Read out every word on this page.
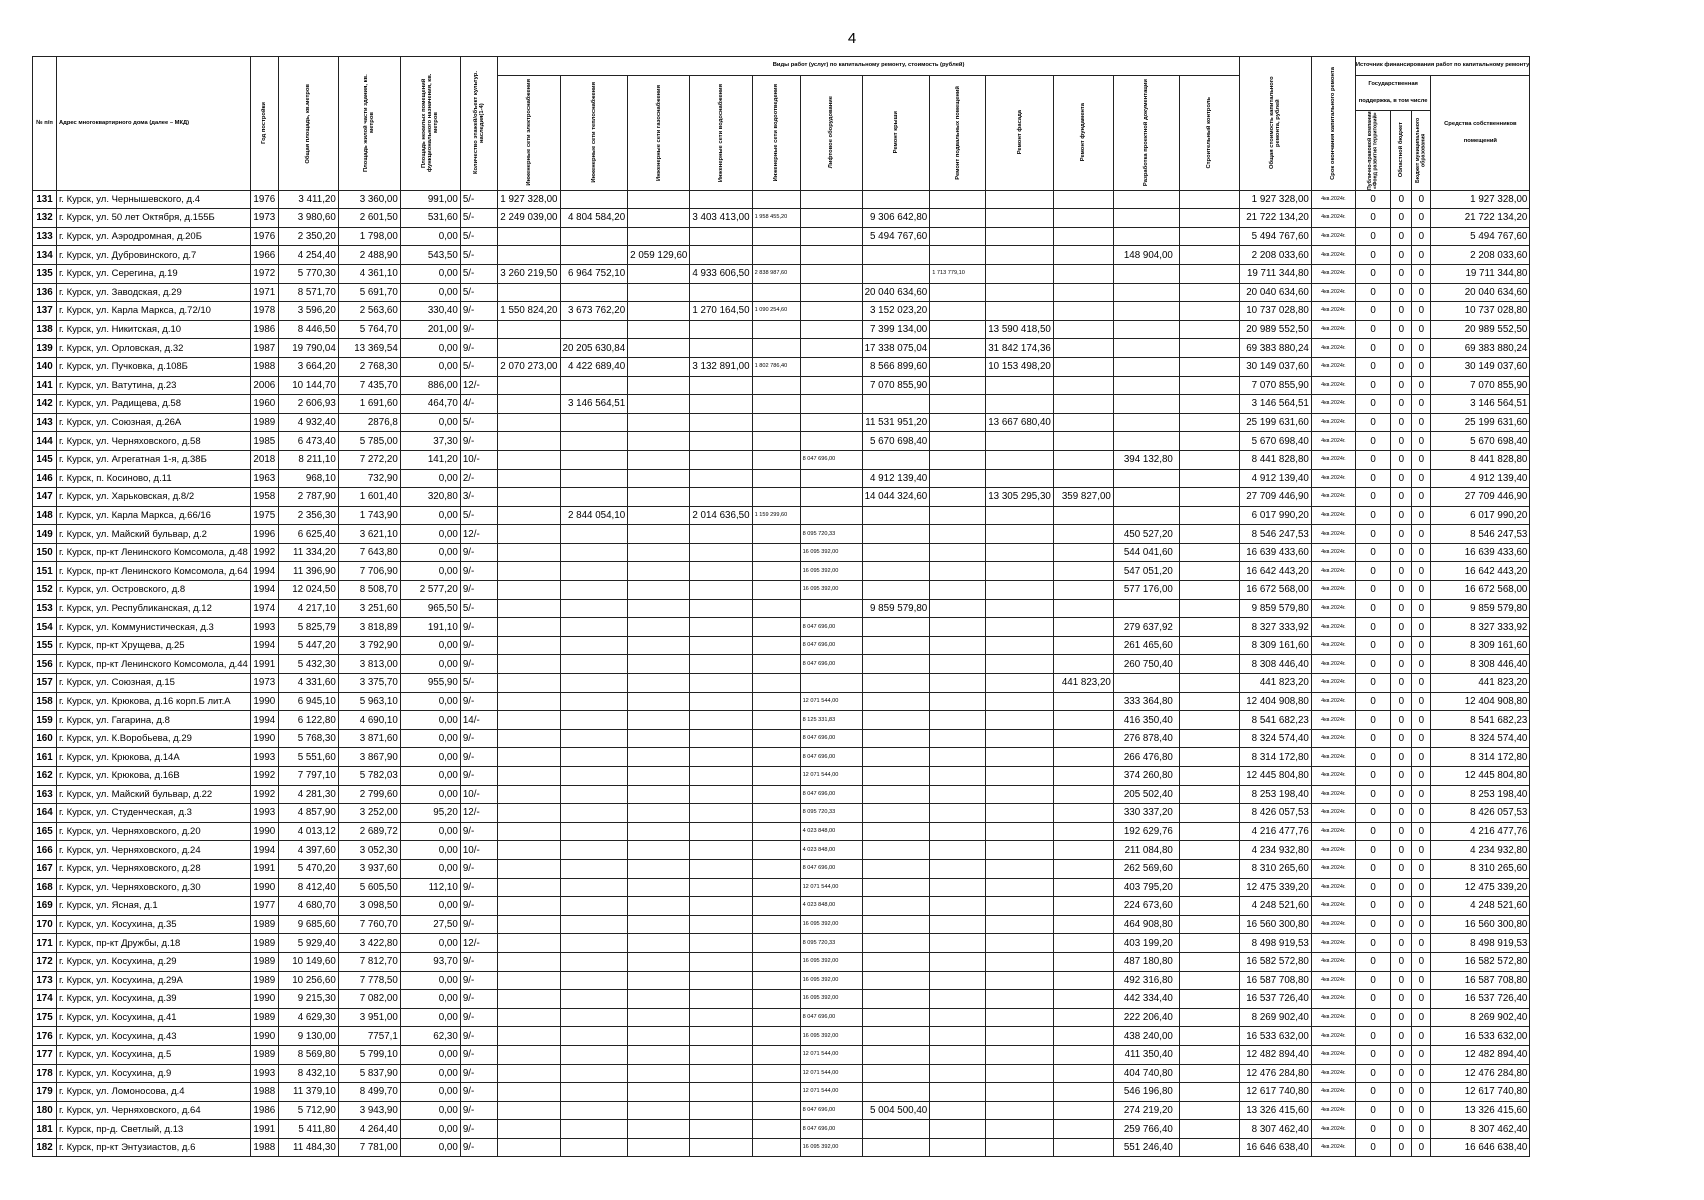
4
№ п/п	Адрес многоквартирного дома (далее – МКД)	Год постройки	Общая площадь, кв.метров	Площадь жилой части здания, кв. метров	Площадь нежилых помещений функционального назначения, кв. метров	Количество этажей/объект культур. наследия(1-4)	Виды работ (услуг) по капитальному ремонту, стоимость (рублей)												Общая стоимость капитального ремонта, рублей	Срок окончания капитального ремонта	Источник финансирования работ по капитальному ремонту			

							Инженерные сети электроснабжения	Инженерные сети теплоснабжения	Инженерные сети газоснабжения	Инженерные сети водоснабжения	Инженерные сети водоотведения	Лифтовое оборудование	Ремонт крыши	Ремонт подвальных помещений	Ремонт фасада	Ремонт фундамента	Разработка проектной документации	Строительный контроль			Государственная поддержка, в том числе			Средства собственников помещений

																					Публично-правовой компании «Фонд развития территорий»	Областной бюджет	Бюджет муниципального образования	

131	г. Курск, ул. Чернышевского, д.4	1976	3 411,20	3 360,00	991,00	5/-	1 927 328,00												1 927 328,00	4кв.2024г.	0	0	0	1 927 328,00
132	г. Курск, ул. 50 лет Октября, д.155Б	1973	3 980,60	2 601,50	531,60	5/-	2 249 039,00	4 804 584,20		3 403 413,00	1 958 455,20		9 306 642,80						21 722 134,20	4кв.2024г.	0	0	0	21 722 134,20
133	г. Курск, ул. Аэродромная, д.20Б	1976	2 350,20	1 798,00	0,00	5/-							5 494 767,60						5 494 767,60	4кв.2024г.	0	0	0	5 494 767,60
134	г. Курск, ул. Дубровинского, д.7	1966	4 254,40	2 488,90	543,50	5/-			2 059 129,60								148 904,00		2 208 033,60	4кв.2024г.	0	0	0	2 208 033,60
135	г. Курск, ул. Серегина, д.19	1972	5 770,30	4 361,10	0,00	5/-	3 260 219,50	6 964 752,10		4 933 606,50	2 838 987,60			1 713 779,10					19 711 344,80	4кв.2024г.	0	0	0	19 711 344,80
136	г. Курск, ул. Заводская, д.29	1971	8 571,70	5 691,70	0,00	5/-							20 040 634,60						20 040 634,60	4кв.2024г.	0	0	0	20 040 634,60
137	г. Курск, ул. Карла Маркса, д.72/10	1978	3 596,20	2 563,60	330,40	9/-	1 550 824,20	3 673 762,20		1 270 164,50	1 090 254,60		3 152 023,20						10 737 028,80	4кв.2024г.	0	0	0	10 737 028,80
138	г. Курск, ул. Никитская, д.10	1986	8 446,50	5 764,70	201,00	9/-							7 399 134,00		13 590 418,50				20 989 552,50	4кв.2024г.	0	0	0	20 989 552,50
139	г. Курск, ул. Орловская, д.32	1987	19 790,04	13 369,54	0,00	9/-		20 205 630,84					17 338 075,04		31 842 174,36				69 383 880,24	4кв.2024г.	0	0	0	69 383 880,24
140	г. Курск, ул. Пучковка, д.108Б	1988	3 664,20	2 768,30	0,00	5/-	2 070 273,00	4 422 689,40		3 132 891,00	1 802 786,40		8 566 899,60		10 153 498,20				30 149 037,60	4кв.2024г.	0	0	0	30 149 037,60
141	г. Курск, ул. Ватутина, д.23	2006	10 144,70	7 435,70	886,00	12/-							7 070 855,90						7 070 855,90	4кв.2024г.	0	0	0	7 070 855,90
142	г. Курск, ул. Радищева, д.58	1960	2 606,93	1 691,60	464,70	4/-		3 146 564,51											3 146 564,51	4кв.2024г.	0	0	0	3 146 564,51
143	г. Курск, ул. Союзная, д.26А	1989	4 932,40	2876,8	0,00	5/-							11 531 951,20		13 667 680,40				25 199 631,60	4кв.2024г.	0	0	0	25 199 631,60
144	г. Курск, ул. Черняховского, д.58	1985	6 473,40	5 785,00	37,30	9/-							5 670 698,40						5 670 698,40	4кв.2024г.	0	0	0	5 670 698,40
145	г. Курск, ул. Агрегатная 1-я, д.38Б	2018	8 211,10	7 272,20	141,20	10/-						8 047 696,00					394 132,80		8 441 828,80	4кв.2024г.	0	0	0	8 441 828,80
146	г. Курск, п. Косиново, д.11	1963	968,10	732,90	0,00	2/-							4 912 139,40						4 912 139,40	4кв.2024г.	0	0	0	4 912 139,40
147	г. Курск, ул. Харьковская, д.8/2	1958	2 787,90	1 601,40	320,80	3/-							14 044 324,60		13 305 295,30	359 827,00			27 709 446,90	4кв.2024г.	0	0	0	27 709 446,90
148	г. Курск, ул. Карла Маркса, д.66/16	1975	2 356,30	1 743,90	0,00	5/-		2 844 054,10		2 014 636,50	1 159 299,60								6 017 990,20	4кв.2024г.	0	0	0	6 017 990,20
149	г. Курск, ул. Майский бульвар, д.2	1996	6 625,40	3 621,10	0,00	12/-						8 095 720,33					450 527,20		8 546 247,53	4кв.2024г.	0	0	0	8 546 247,53
150	г. Курск, пр-кт Ленинского Комсомола, д.48	1992	11 334,20	7 643,80	0,00	9/-						16 095 392,00					544 041,60		16 639 433,60	4кв.2024г.	0	0	0	16 639 433,60
151	г. Курск, пр-кт Ленинского Комсомола, д.64	1994	11 396,90	7 706,90	0,00	9/-						16 095 392,00					547 051,20		16 642 443,20	4кв.2024г.	0	0	0	16 642 443,20
152	г. Курск, ул. Островского, д.8	1994	12 024,50	8 508,70	2 577,20	9/-						16 095 392,00					577 176,00		16 672 568,00	4кв.2024г.	0	0	0	16 672 568,00
153	г. Курск, ул. Республиканская, д.12	1974	4 217,10	3 251,60	965,50	5/-							9 859 579,80						9 859 579,80	4кв.2024г.	0	0	0	9 859 579,80
154	г. Курск, ул. Коммунистическая, д.3	1993	5 825,79	3 818,89	191,10	9/-						8 047 696,00					279 637,92		8 327 333,92	4кв.2024г.	0	0	0	8 327 333,92
155	г. Курск, пр-кт Хрущева, д.25	1994	5 447,20	3 792,90	0,00	9/-						8 047 696,00					261 465,60		8 309 161,60	4кв.2024г.	0	0	0	8 309 161,60
156	г. Курск, пр-кт Ленинского Комсомола, д.44	1991	5 432,30	3 813,00	0,00	9/-						8 047 696,00					260 750,40		8 308 446,40	4кв.2024г.	0	0	0	8 308 446,40
157	г. Курск, ул. Союзная, д.15	1973	4 331,60	3 375,70	955,90	5/-										441 823,20			441 823,20	4кв.2024г.	0	0	0	441 823,20
158	г. Курск, ул. Крюкова, д.16 корп.Б лит.А	1990	6 945,10	5 963,10	0,00	9/-						12 071 544,00					333 364,80		12 404 908,80	4кв.2024г.	0	0	0	12 404 908,80
159	г. Курск, ул. Гагарина, д.8	1994	6 122,80	4 690,10	0,00	14/-						8 125 331,83					416 350,40		8 541 682,23	4кв.2024г.	0	0	0	8 541 682,23
160	г. Курск, ул. К.Воробьева, д.29	1990	5 768,30	3 871,60	0,00	9/-						8 047 696,00					276 878,40		8 324 574,40	4кв.2024г.	0	0	0	8 324 574,40
161	г. Курск, ул. Крюкова, д.14А	1993	5 551,60	3 867,90	0,00	9/-						8 047 696,00					266 476,80		8 314 172,80	4кв.2024г.	0	0	0	8 314 172,80
162	г. Курск, ул. Крюкова, д.16В	1992	7 797,10	5 782,03	0,00	9/-						12 071 544,00					374 260,80		12 445 804,80	4кв.2024г.	0	0	0	12 445 804,80
163	г. Курск, ул. Майский бульвар, д.22	1992	4 281,30	2 799,60	0,00	10/-						8 047 696,00					205 502,40		8 253 198,40	4кв.2024г.	0	0	0	8 253 198,40
164	г. Курск, ул. Студенческая, д.3	1993	4 857,90	3 252,00	95,20	12/-						8 095 720,33					330 337,20		8 426 057,53	4кв.2024г.	0	0	0	8 426 057,53
165	г. Курск, ул. Черняховского, д.20	1990	4 013,12	2 689,72	0,00	9/-						4 023 848,00					192 629,76		4 216 477,76	4кв.2024г.	0	0	0	4 216 477,76
166	г. Курск, ул. Черняховского, д.24	1994	4 397,60	3 052,30	0,00	10/-						4 023 848,00					211 084,80		4 234 932,80	4кв.2024г.	0	0	0	4 234 932,80
167	г. Курск, ул. Черняховского, д.28	1991	5 470,20	3 937,60	0,00	9/-						8 047 696,00					262 569,60		8 310 265,60	4кв.2024г.	0	0	0	8 310 265,60
168	г. Курск, ул. Черняховского, д.30	1990	8 412,40	5 605,50	112,10	9/-						12 071 544,00					403 795,20		12 475 339,20	4кв.2024г.	0	0	0	12 475 339,20
169	г. Курск, ул. Ясная, д.1	1977	4 680,70	3 098,50	0,00	9/-						4 023 848,00					224 673,60		4 248 521,60	4кв.2024г.	0	0	0	4 248 521,60
170	г. Курск, ул. Косухина, д.35	1989	9 685,60	7 760,70	27,50	9/-						16 095 392,00					464 908,80		16 560 300,80	4кв.2024г.	0	0	0	16 560 300,80
171	г. Курск, пр-кт Дружбы, д.18	1989	5 929,40	3 422,80	0,00	12/-						8 095 720,33					403 199,20		8 498 919,53	4кв.2024г.	0	0	0	8 498 919,53
172	г. Курск, ул. Косухина, д.29	1989	10 149,60	7 812,70	93,70	9/-						16 095 392,00					487 180,80		16 582 572,80	4кв.2024г.	0	0	0	16 582 572,80
173	г. Курск, ул. Косухина, д.29А	1989	10 256,60	7 778,50	0,00	9/-						16 095 392,00					492 316,80		16 587 708,80	4кв.2024г.	0	0	0	16 587 708,80
174	г. Курск, ул. Косухина, д.39	1990	9 215,30	7 082,00	0,00	9/-						16 095 392,00					442 334,40		16 537 726,40	4кв.2024г.	0	0	0	16 537 726,40
175	г. Курск, ул. Косухина, д.41	1989	4 629,30	3 951,00	0,00	9/-						8 047 696,00					222 206,40		8 269 902,40	4кв.2024г.	0	0	0	8 269 902,40
176	г. Курск, ул. Косухина, д.43	1990	9 130,00	7757,1	62,30	9/-						16 095 392,00					438 240,00		16 533 632,00	4кв.2024г.	0	0	0	16 533 632,00
177	г. Курск, ул. Косухина, д.5	1989	8 569,80	5 799,10	0,00	9/-						12 071 544,00					411 350,40		12 482 894,40	4кв.2024г.	0	0	0	12 482 894,40
178	г. Курск, ул. Косухина, д.9	1993	8 432,10	5 837,90	0,00	9/-						12 071 544,00					404 740,80		12 476 284,80	4кв.2024г.	0	0	0	12 476 284,80
179	г. Курск, ул. Ломоносова, д.4	1988	11 379,10	8 499,70	0,00	9/-						12 071 544,00					546 196,80		12 617 740,80	4кв.2024г.	0	0	0	12 617 740,80
180	г. Курск, ул. Черняховского, д.64	1986	5 712,90	3 943,90	0,00	9/-						8 047 696,00	5 004 500,40				274 219,20		13 326 415,60	4кв.2024г.	0	0	0	13 326 415,60
181	г. Курск, пр-д. Светлый, д.13	1991	5 411,80	4 264,40	0,00	9/-						8 047 696,00					259 766,40		8 307 462,40	4кв.2024г.	0	0	0	8 307 462,40
182	г. Курск, пр-кт Энтузиастов, д.6	1988	11 484,30	7 781,00	0,00	9/-						16 095 392,00					551 246,40		16 646 638,40	4кв.2024г.	0	0	0	16 646 638,40
